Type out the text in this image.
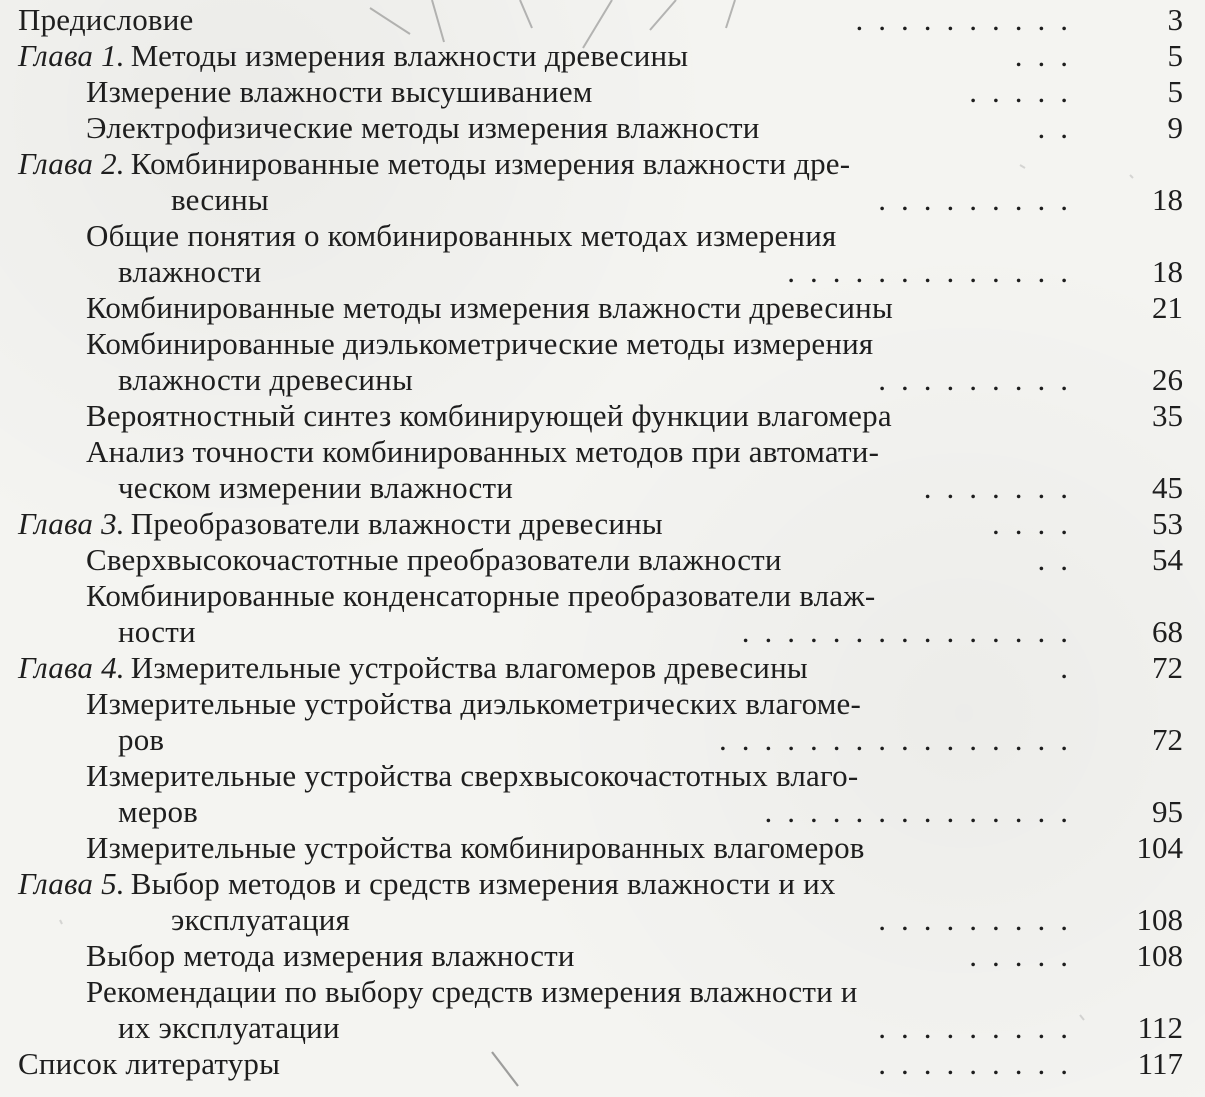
Предисловие	..........	3
Глава 1. Методы измерения влажности древесины	...	5
Измерение влажности высушиванием	.....	5
Электрофизические методы измерения влажности	..	9
Глава 2. Комбинированные методы измерения влажности дре-
весины	.........	18
Общие понятия о комбинированных методах измерения
влажности	.............	18
Комбинированные методы измерения влажности древесины	21
Комбинированные диэлькометрические методы измерения
влажности древесины	.........	26
Вероятностный синтез комбинирующей функции влагомера	35
Анализ точности комбинированных методов при автомати-
ческом измерении влажности	.......	45
Глава 3. Преобразователи влажности древесины	....	53
Сверхвысокочастотные преобразователи влажности	..	54
Комбинированные конденсаторные преобразователи влаж-
ности	...............	68
Глава 4. Измерительные устройства влагомеров древесины	.	72
Измерительные устройства диэлькометрических влагоме-
ров	................	72
Измерительные устройства сверхвысокочастотных влаго-
меров	..............	95
Измерительные устройства комбинированных влагомеров	104
Глава 5. Выбор методов и средств измерения влажности и их
эксплуатация	.........	108
Выбор метода измерения влажности	.....	108
Рекомендации по выбору средств измерения влажности и
их эксплуатации	.........	112
Список литературы	.........	117
